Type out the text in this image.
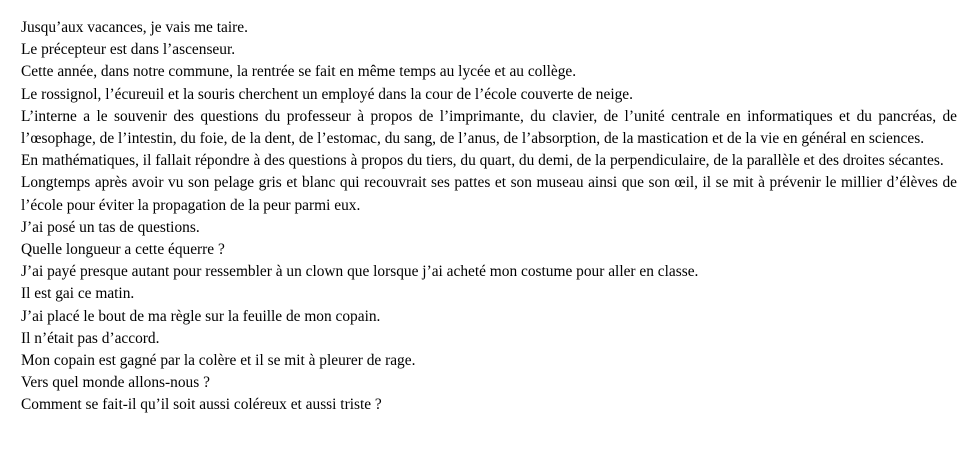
Jusqu’aux vacances, je vais me taire.

Le précepteur est dans l’ascenseur.

Cette année, dans notre commune, la rentrée se fait en même temps au lycée et au collège.

Le rossignol, l’écureuil et la souris cherchent un employé dans la cour de l’école couverte de neige.

L’interne a le souvenir des questions du professeur à propos de l’imprimante, du clavier, de l’unité centrale en informatiques et du pancréas, de l’œsophage, de l’intestin, du foie, de la dent, de l’estomac, du sang, de l’anus, de l’absorption, de la mastication et de la vie en général en sciences.

En mathématiques, il fallait répondre à des questions à propos du tiers, du quart, du demi, de la perpendiculaire, de la parallèle et des droites sécantes.

Longtemps après avoir vu son pelage gris et blanc qui recouvrait ses pattes et son museau ainsi que son œil, il se mit à prévenir le millier d’élèves de l’école pour éviter la propagation de la peur parmi eux.

J’ai posé un tas de questions.

Quelle longueur a cette équerre ?

J’ai payé presque autant pour ressembler à un clown que lorsque j’ai acheté mon costume pour aller en classe.

Il est gai ce matin.

J’ai placé le bout de ma règle sur la feuille de mon copain.

Il n’était pas d’accord.

Mon copain est gagné par la colère et il se mit à pleurer de rage.

Vers quel monde allons-nous ?

Comment se fait-il qu’il soit aussi coléreux et aussi triste ?
